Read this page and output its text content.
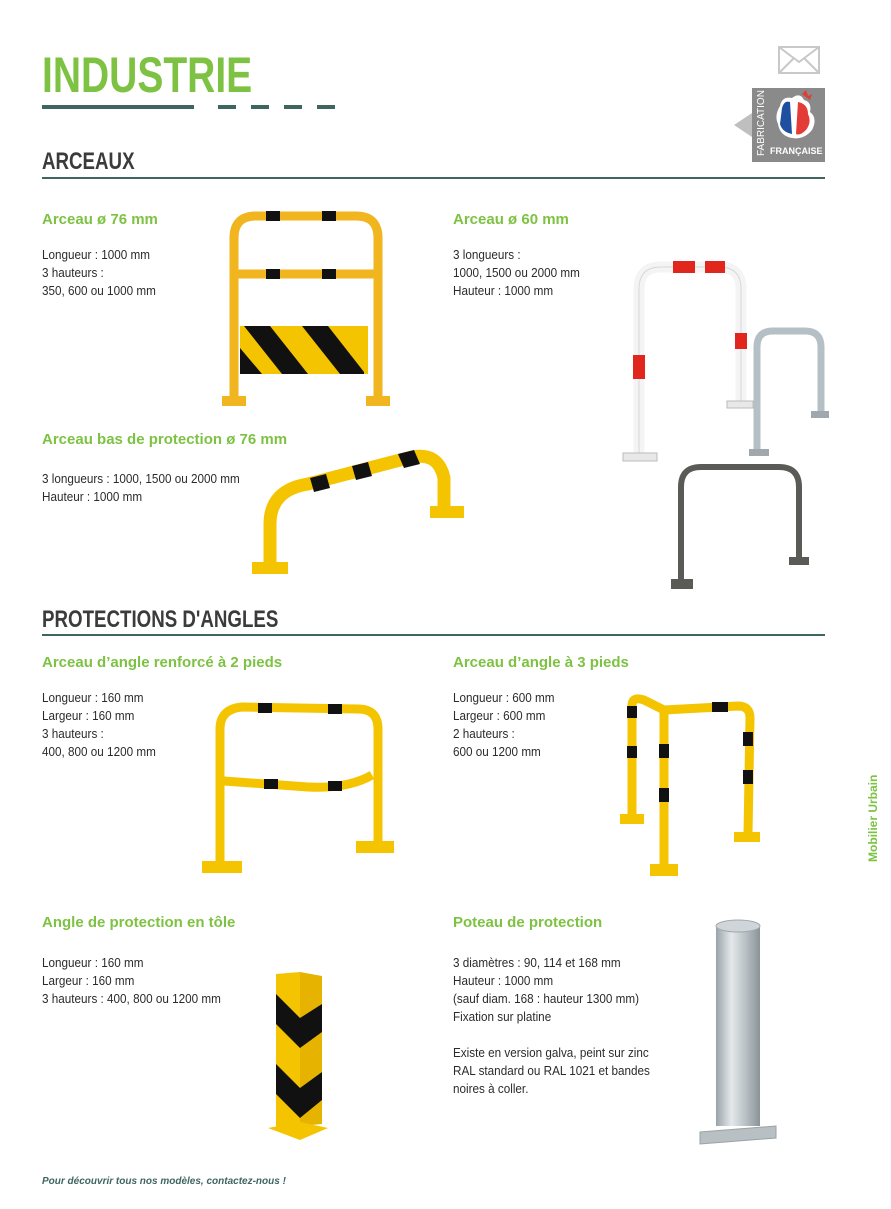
INDUSTRIE
FABRICATION FRANÇAISE
ARCEAUX
Arceau ø 76 mm
Longueur : 1000 mm
3 hauteurs :
350, 600 ou 1000 mm
Arceau ø 60 mm
3 longueurs :
1000, 1500 ou 2000 mm
Hauteur : 1000 mm
Arceau bas de protection ø 76 mm
3 longueurs : 1000, 1500 ou 2000 mm
Hauteur : 1000 mm
PROTECTIONS D'ANGLES
Arceau d’angle renforcé à 2 pieds
Longueur : 160 mm
Largeur : 160 mm
3 hauteurs :
400, 800 ou 1200 mm
Arceau d’angle à 3 pieds
Longueur : 600 mm
Largeur : 600 mm
2 hauteurs :
600 ou 1200 mm
Angle de protection en tôle
Longueur : 160 mm
Largeur : 160 mm
3 hauteurs : 400, 800 ou 1200 mm
Poteau de protection
3 diamètres : 90, 114 et 168 mm
Hauteur : 1000 mm
(sauf diam. 168 : hauteur 1300 mm)
Fixation sur platine
Existe en version galva, peint sur zinc
RAL standard ou RAL 1021 et bandes
noires à coller.
Mobilier Urbain
Pour découvrir tous nos modèles, contactez-nous !
